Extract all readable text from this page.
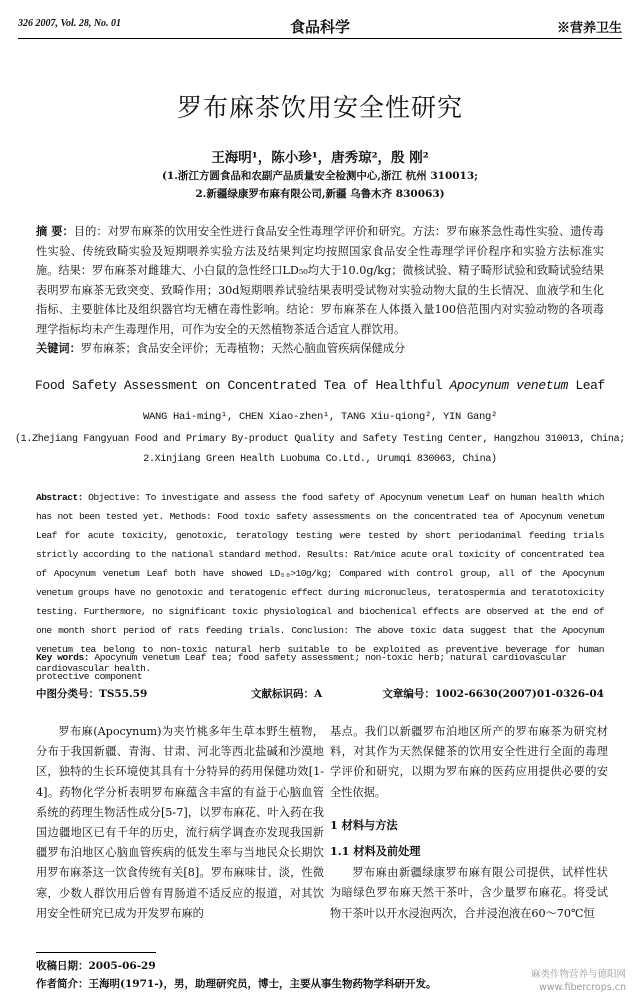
326 2007, Vol. 28, No. 01	食品科学	※营养卫生
罗布麻茶饮用安全性研究
王海明¹，陈小珍¹，唐秀琼²，殷 刚²
(1.浙江方圆食品和农副产品质量安全检测中心,浙江 杭州 310013;
2.新疆绿康罗布麻有限公司,新疆 乌鲁木齐 830063)
摘 要：目的：对罗布麻茶的饮用安全性进行食品安全性毒理学评价和研究。方法：罗布麻茶急性毒性实验、遗传毒性实验、传统致畸实验及短期喂养实验方法及结果判定均按照国家食品安全性毒理学评价程序和实验方法标准实施。结果：罗布麻茶对雌雄大、小白鼠的急性经口LD₅₀均大于10.0g/kg；微核试验、精子畸形试验和致畸试验结果表明罗布麻茶无致突变、致畸作用；30d短期喂养试验结果表明受试物对实验动物大鼠的生长情况、血液学和生化指标、主要脏体比及组织器官均无槽在毒性影响。结论：罗布麻茶在人体摄入量100倍范围内对实验动物的各项毒理学指标均未产生毒理作用，可作为安全的天然植物茶适合适宜人群饮用。
关键词：罗布麻茶；食品安全评价；无毒植物；天然心脑血管疾病保健成分
Food Safety Assessment on Concentrated Tea of Healthful Apocynum venetum Leaf
WANG Hai-ming¹, CHEN Xiao-zhen¹, TANG Xiu-qiong², YIN Gang²
(1.Zhejiang Fangyuan Food and Primary By-product Quality and Safety Testing Center, Hangzhou 310013, China;
2.Xinjiang Green Health Luobuma Co.Ltd., Urumqi 830063, China)
Abstract: Objective: To investigate and assess the food safety of Apocynum venetum Leaf on human health which has not been tested yet. Methods: Food toxic safety assessments on the concentrated tea of Apocynum venetum Leaf for acute toxicity, genotoxic, teratology testing were tested by short periodanimal feeding trials strictly according to the national standard method. Results: Rat/mice acute oral toxicity of concentrated tea of Apocynum venetum Leaf both have showed LD₅₀>10g/kg; Compared with control group, all of the Apocynum venetum groups have no genotoxic and teratogenic effect during micronucleus, teratospermia and teratotoxicity testing. Furthermore, no significant toxic physiological and biochenical effects are observed at the end of one month short period of rats feeding trials. Conclusion: The above toxic data suggest that the Apocynum venetum tea belong to non-toxic natural herb suitable to be exploited as preventive beverage for human cardiovascular health.
Key words: Apocynum venetum Leaf tea; food safety assessment; non-toxic herb; natural cardiovascular protective component
中图分类号：TS55.59	文献标识码：A	文章编号：1002-6630(2007)01-0326-04

罗布麻(Apocynum)为夹竹桃多年生草本野生植物，分布于我国新疆、青海、甘肃、河北等西北盐碱和沙漠地区，独特的生长环境使其具有十分特异的药用保健功效[1-4]。药物化学分析表明罗布麻蕴含丰富的有益于心脑血管系统的药理生物活性成分[5-7]，以罗布麻花、叶入药在我国边疆地区已有千年的历史，流行病学调查亦发现我国新疆罗布泊地区心脑血管疾病的低发生率与当地民众长期饮用罗布麻茶这一饮食传统有关[8]。罗布麻味甘、淡，性微寒，少数人群饮用后曾有胃肠道不适反应的报道，对其饮用安全性研究已成为开发罗布麻的

基点。我们以新疆罗布泊地区所产的罗布麻茶为研究材料，对其作为天然保健茶的饮用安全性进行全面的毒理学评价和研究，以期为罗布麻的医药应用提供必要的安全性依据。

1 材料与方法

1.1 材料及前处理

罗布麻由新疆绿康罗布麻有限公司提供，试样性状为暗绿色罗布麻天然干茶叶，含少量罗布麻花。将受试物干茶叶以开水浸泡两次，合并浸泡液在60～70℃恒

收稿日期：2005-06-29
作者简介：王海明(1971-)，男，助理研究员，博士，主要从事生物药物学科研开发。
麻类作物营养与德阳网
www.fibercrops.cn
